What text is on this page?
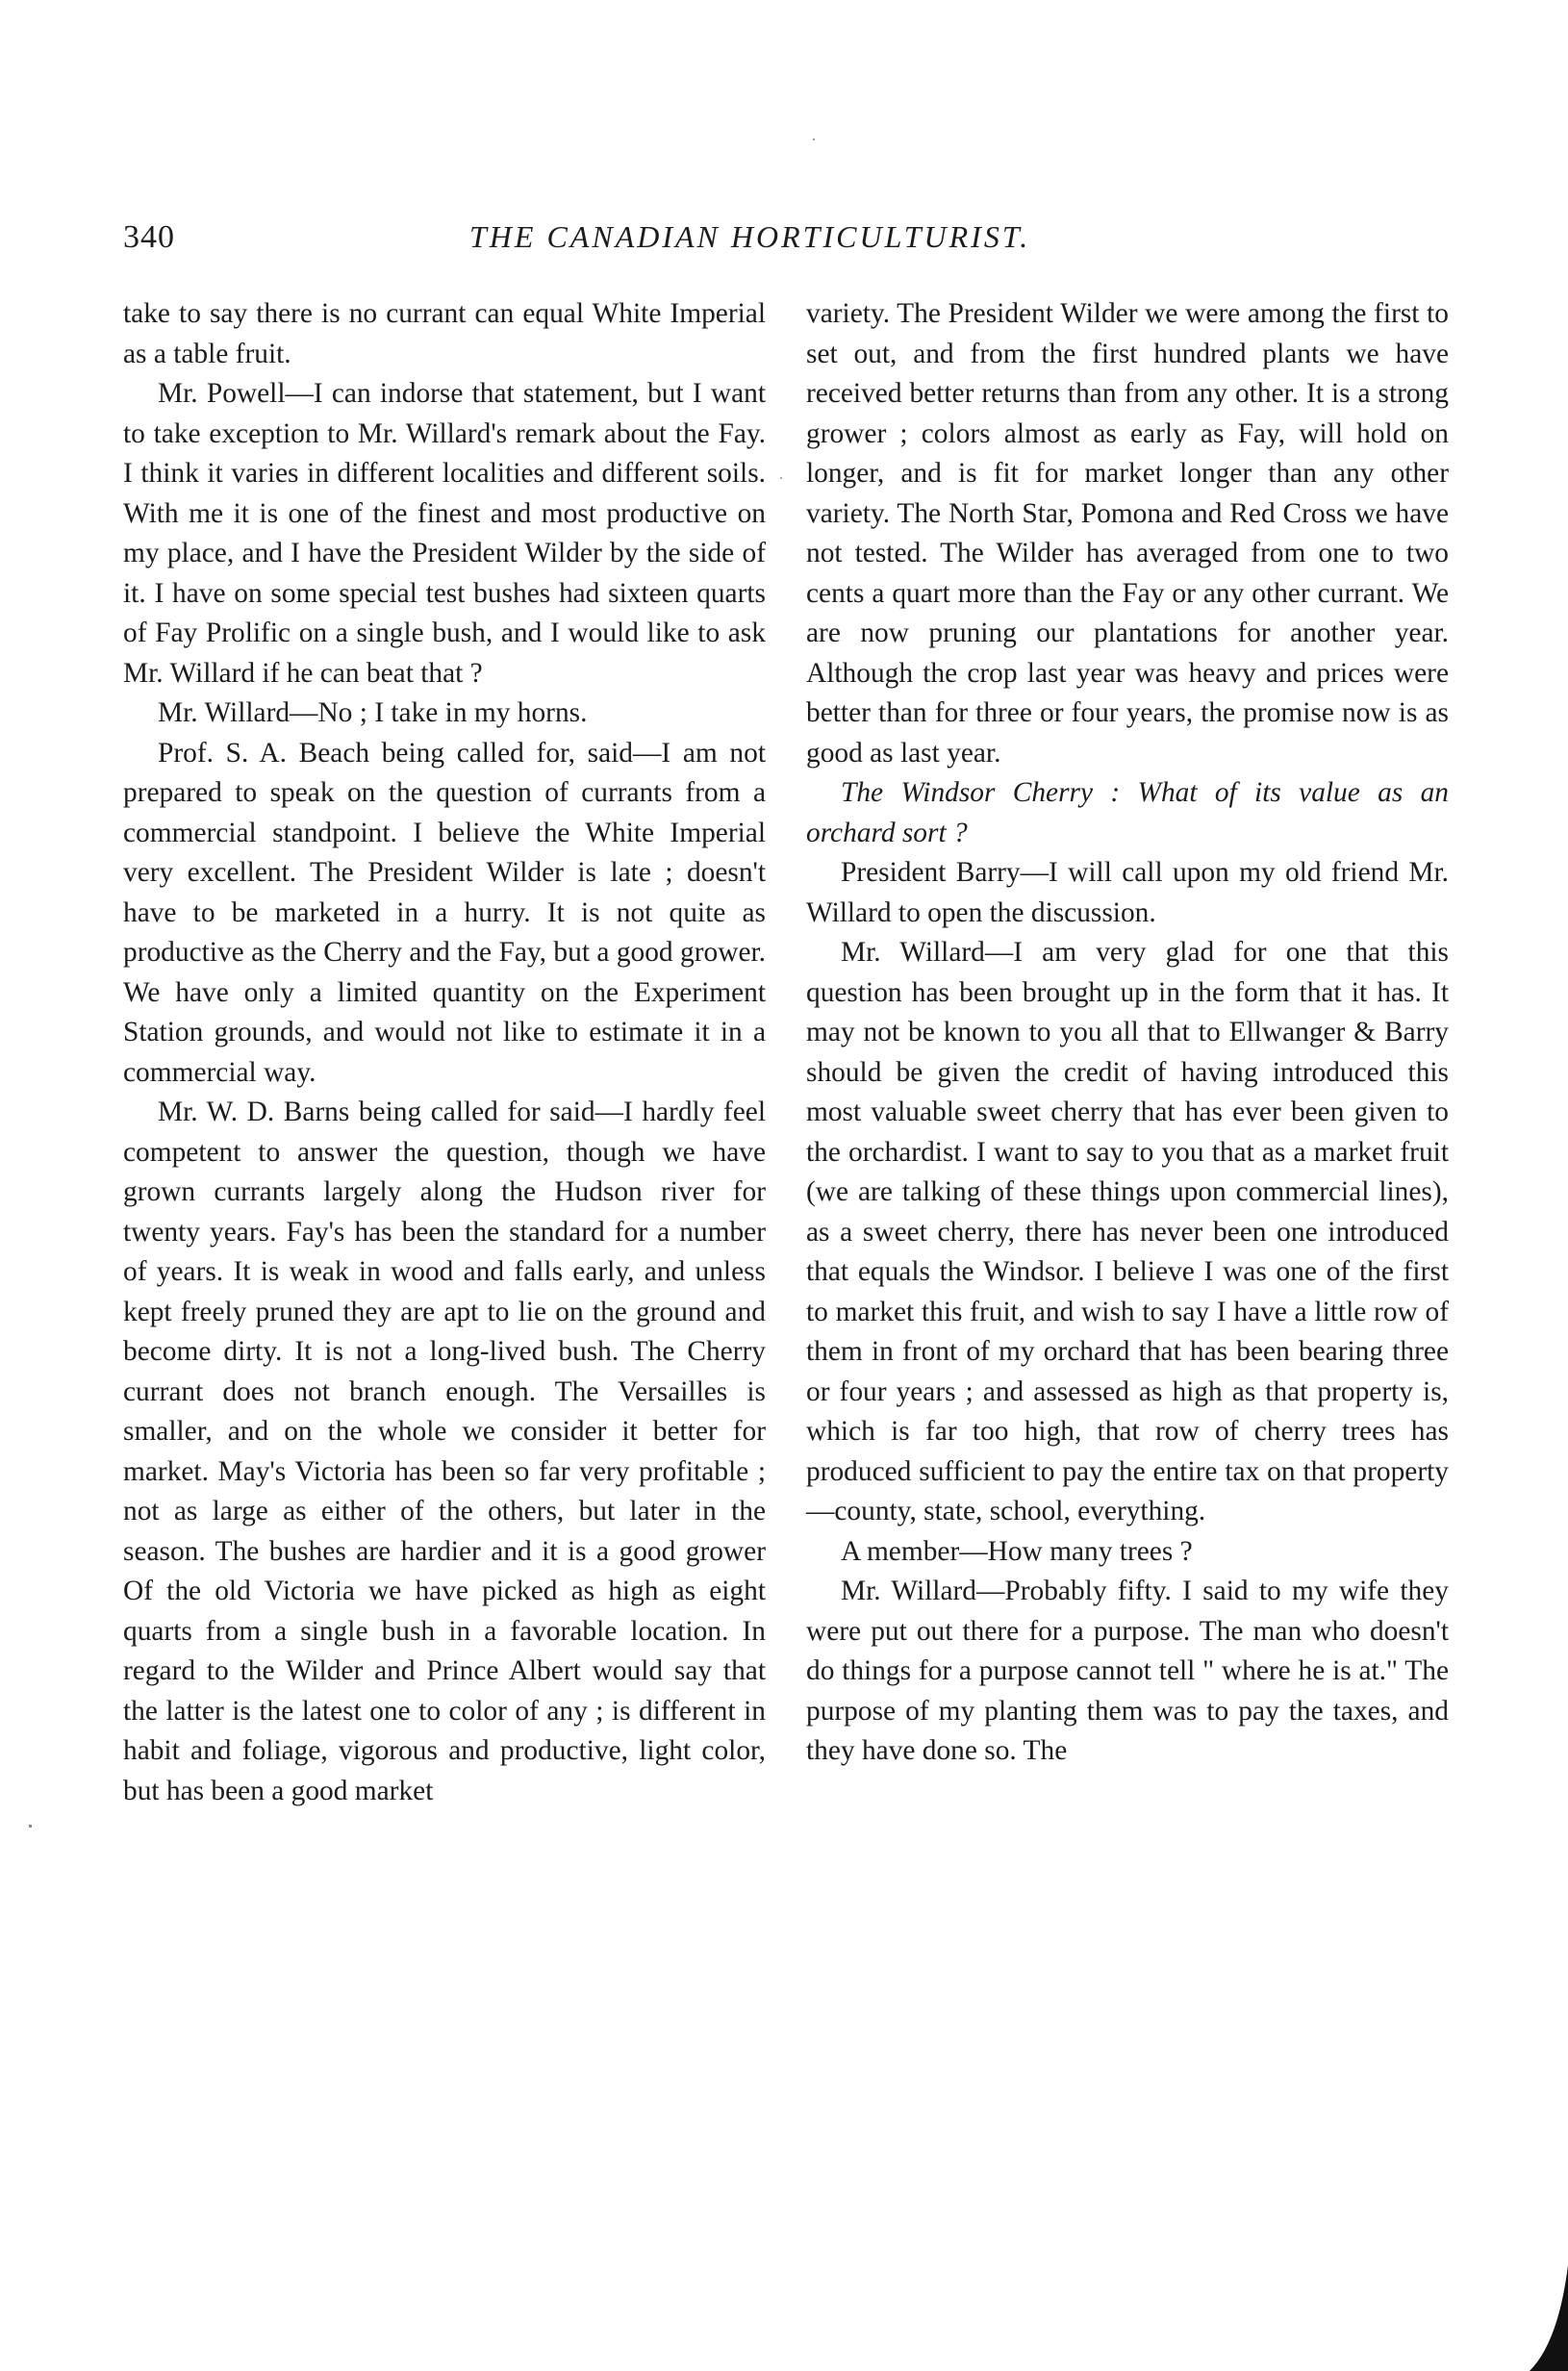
340	THE CANADIAN HORTICULTURIST.

take to say there is no currant can equal White Imperial as a table fruit.

Mr. Powell—I can indorse that statement, but I want to take exception to Mr. Willard's remark about the Fay. I think it varies in different localities and different soils. With me it is one of the finest and most productive on my place, and I have the President Wilder by the side of it. I have on some special test bushes had sixteen quarts of Fay Prolific on a single bush, and I would like to ask Mr. Willard if he can beat that ?

Mr. Willard—No ; I take in my horns.

Prof. S. A. Beach being called for, said—I am not prepared to speak on the question of currants from a commercial standpoint. I believe the White Imperial very excellent. The President Wilder is late ; doesn't have to be marketed in a hurry. It is not quite as productive as the Cherry and the Fay, but a good grower. We have only a limited quantity on the Experiment Station grounds, and would not like to estimate it in a commercial way.

Mr. W. D. Barns being called for said—I hardly feel competent to answer the question, though we have grown currants largely along the Hudson river for twenty years. Fay's has been the standard for a number of years. It is weak in wood and falls early, and unless kept freely pruned they are apt to lie on the ground and become dirty. It is not a long-lived bush. The Cherry currant does not branch enough. The Versailles is smaller, and on the whole we consider it better for market. May's Victoria has been so far very profitable ; not as large as either of the others, but later in the season. The bushes are hardier and it is a good grower Of the old Victoria we have picked as high as eight quarts from a single bush in a favorable location. In regard to the Wilder and Prince Albert would say that the latter is the latest one to color of any ; is different in habit and foliage, vigorous and productive, light color, but has been a good market

variety. The President Wilder we were among the first to set out, and from the first hundred plants we have received better returns than from any other. It is a strong grower ; colors almost as early as Fay, will hold on longer, and is fit for market longer than any other variety. The North Star, Pomona and Red Cross we have not tested. The Wilder has averaged from one to two cents a quart more than the Fay or any other currant. We are now pruning our plantations for another year. Although the crop last year was heavy and prices were better than for three or four years, the promise now is as good as last year.

The Windsor Cherry : What of its value as an orchard sort ?

President Barry—I will call upon my old friend Mr. Willard to open the discussion.

Mr. Willard—I am very glad for one that this question has been brought up in the form that it has. It may not be known to you all that to Ellwanger & Barry should be given the credit of having introduced this most valuable sweet cherry that has ever been given to the orchardist. I want to say to you that as a market fruit (we are talking of these things upon commercial lines), as a sweet cherry, there has never been one introduced that equals the Windsor. I believe I was one of the first to market this fruit, and wish to say I have a little row of them in front of my orchard that has been bearing three or four years ; and assessed as high as that property is, which is far too high, that row of cherry trees has produced sufficient to pay the entire tax on that property—county, state, school, everything.

A member—How many trees ?

Mr. Willard—Probably fifty. I said to my wife they were put out there for a purpose. The man who doesn't do things for a purpose cannot tell " where he is at." The purpose of my planting them was to pay the taxes, and they have done so. The
